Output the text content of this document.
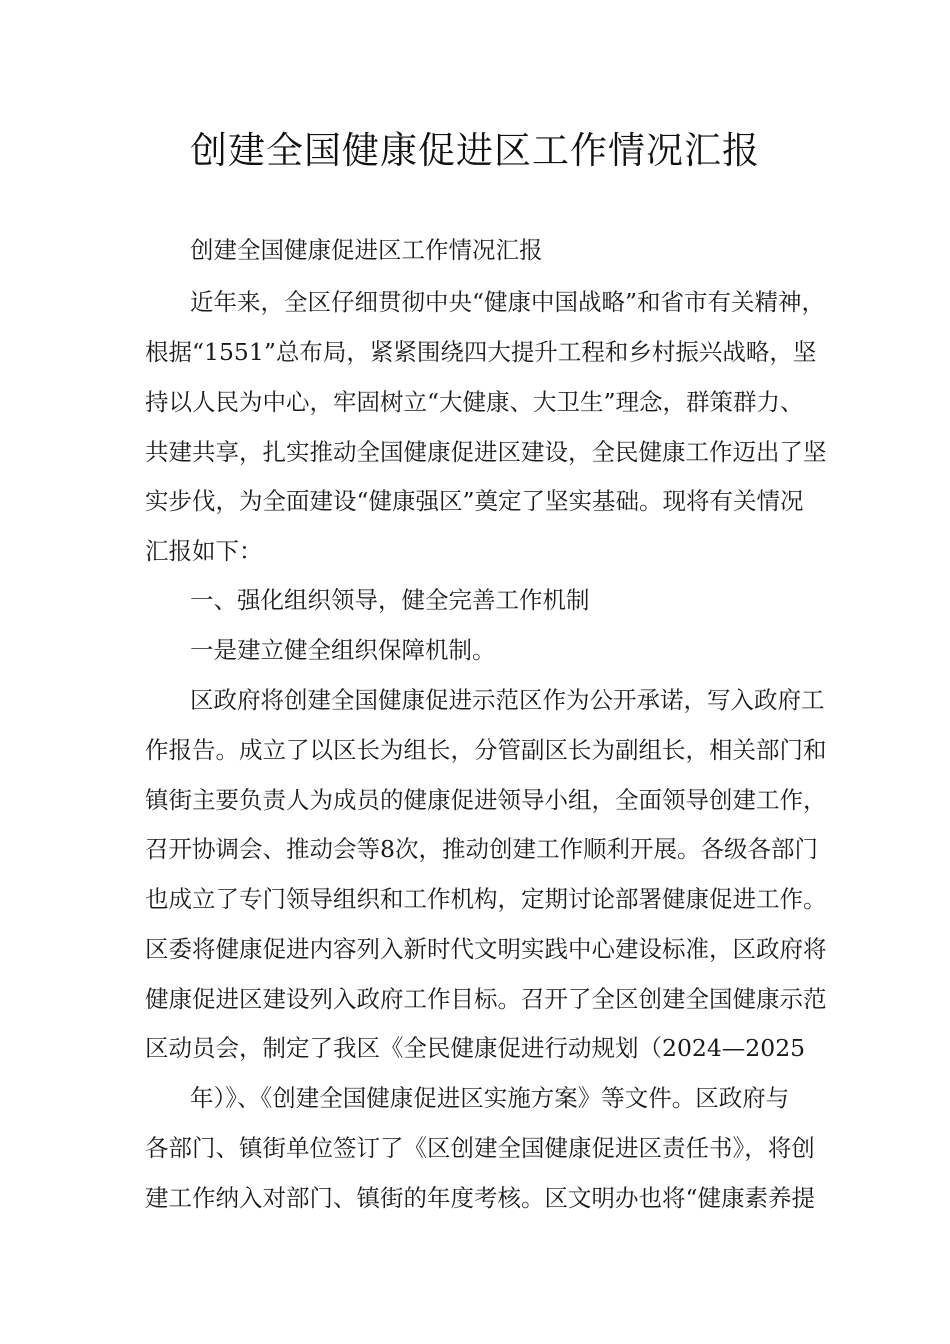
创建全国健康促进区工作情况汇报
创建全国健康促进区工作情况汇报
近年来，全区仔细贯彻中央“健康中国战略”和省市有关精神，
根据“1551”总布局，紧紧围绕四大提升工程和乡村振兴战略，坚
持以人民为中心，牢固树立“大健康、大卫生”理念，群策群力、
共建共享，扎实推动全国健康促进区建设，全民健康工作迈出了坚
实步伐，为全面建设“健康强区”奠定了坚实基础。现将有关情况
汇报如下：
一、强化组织领导，健全完善工作机制
一是建立健全组织保障机制。
区政府将创建全国健康促进示范区作为公开承诺，写入政府工
作报告。成立了以区长为组长，分管副区长为副组长，相关部门和
镇街主要负责人为成员的健康促进领导小组，全面领导创建工作，
召开协调会、推动会等8次，推动创建工作顺利开展。各级各部门
也成立了专门领导组织和工作机构，定期讨论部署健康促进工作。
区委将健康促进内容列入新时代文明实践中心建设标准，区政府将
健康促进区建设列入政府工作目标。召开了全区创建全国健康示范
区动员会，制定了我区《全民健康促进行动规划（2024—2025
年）》、《创建全国健康促进区实施方案》等文件。区政府与
各部门、镇街单位签订了《区创建全国健康促进区责任书》，将创
建工作纳入对部门、镇街的年度考核。区文明办也将“健康素养提
